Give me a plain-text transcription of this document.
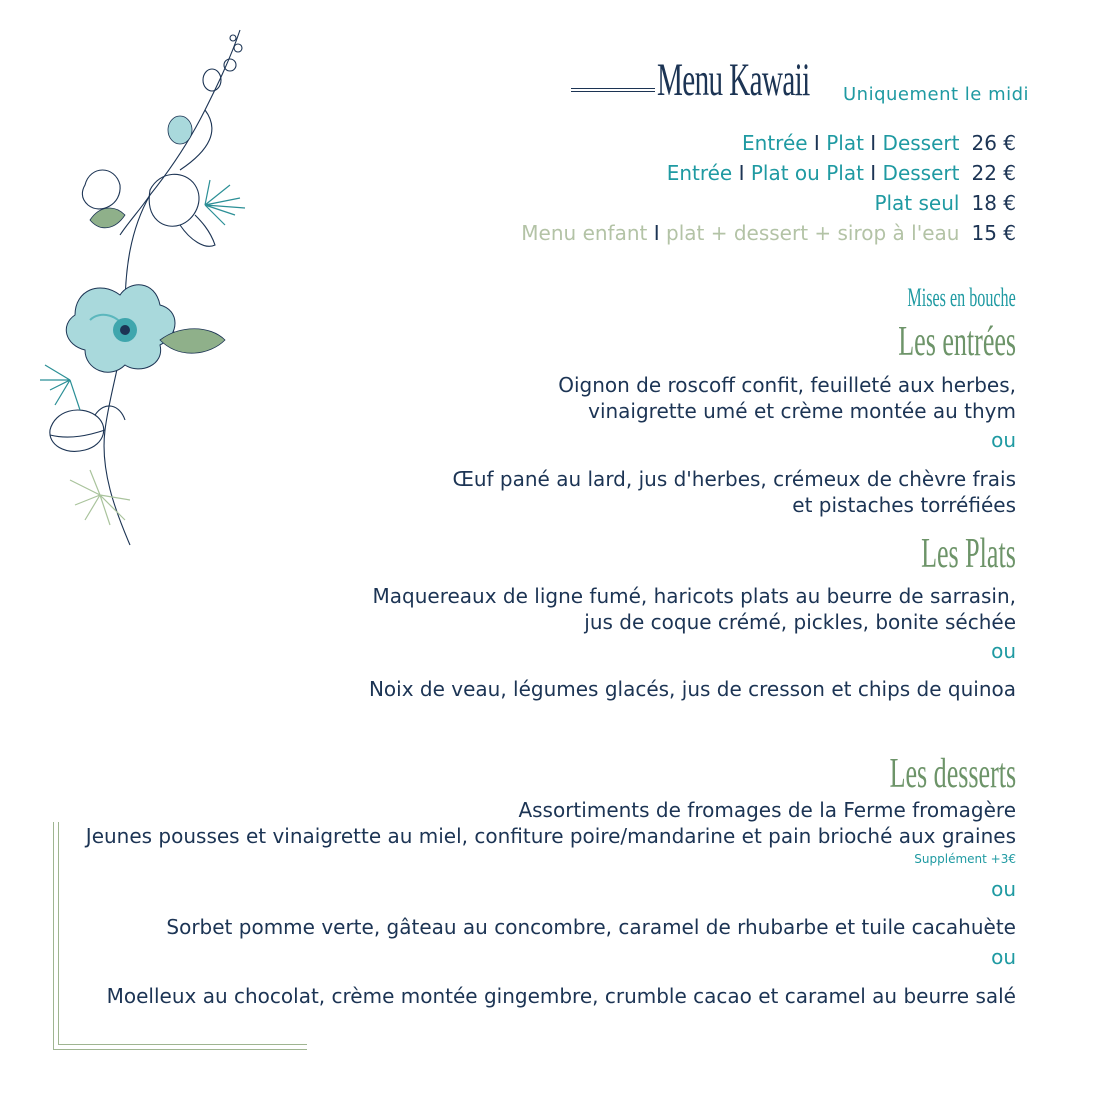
Menu Kawaii Uniquement le midi
Entrée I Plat I Dessert 26 €
Entrée I Plat ou Plat I Dessert 22 €
Plat seul 18 €
Menu enfant I plat + dessert + sirop à l'eau 15 €
Mises en bouche
Les entrées
Oignon de roscoff confit, feuilleté aux herbes,
vinaigrette umé et crème montée au thym
ou
Œuf pané au lard, jus d'herbes, crémeux de chèvre frais
et pistaches torréfiées
Les Plats
Maquereaux de ligne fumé, haricots plats au beurre de sarrasin,
jus de coque crémé, pickles, bonite séchée
ou
Noix de veau, légumes glacés, jus de cresson et chips de quinoa
Les desserts
Assortiments de fromages de la Ferme fromagère
Jeunes pousses et vinaigrette au miel, confiture poire/mandarine et pain brioché aux graines
Supplément +3€
ou
Sorbet pomme verte, gâteau au concombre, caramel de rhubarbe et tuile cacahuète
ou
Moelleux au chocolat, crème montée gingembre, crumble cacao et caramel au beurre salé
